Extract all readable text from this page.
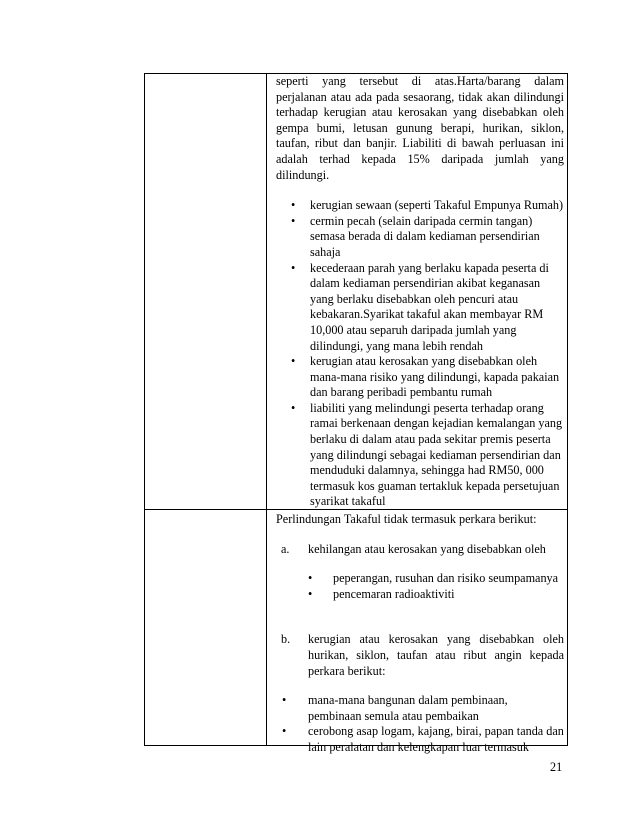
seperti yang tersebut di atas.Harta/barang dalam perjalanan atau ada pada sesaorang, tidak akan dilindungi terhadap kerugian atau kerosakan yang disebabkan oleh gempa bumi, letusan gunung berapi, hurikan, siklon, taufan, ribut dan banjir. Liabiliti di bawah perluasan ini adalah terhad kepada 15% daripada jumlah yang dilindungi.

• kerugian sewaan (seperti Takaful Empunya Rumah)
• cermin pecah (selain daripada cermin tangan) semasa berada di dalam kediaman persendirian sahaja
• kecederaan parah yang berlaku kapada peserta di dalam kediaman persendirian akibat keganasan yang berlaku disebabkan oleh pencuri atau kebakaran.Syarikat takaful akan membayar RM 10,000 atau separuh daripada jumlah yang dilindungi, yang mana lebih rendah
• kerugian atau kerosakan yang disebabkan oleh mana-mana risiko yang dilindungi, kapada pakaian dan barang peribadi pembantu rumah
• liabiliti yang melindungi peserta terhadap orang ramai berkenaan dengan kejadian kemalangan yang berlaku di dalam atau pada sekitar premis peserta yang dilindungi sebagai kediaman persendirian dan menduduki dalamnya, sehingga had RM50, 000 termasuk kos guaman tertakluk kepada persetujuan syarikat takaful

Perlindungan Takaful tidak termasuk perkara berikut:

a. kehilangan atau kerosakan yang disebabkan oleh
• peperangan, rusuhan dan risiko seumpamanya
• pencemaran radioaktiviti
b. kerugian atau kerosakan yang disebabkan oleh hurikan, siklon, taufan atau ribut angin kepada perkara berikut:
• mana-mana bangunan dalam pembinaan, pembinaan semula atau pembaikan
• cerobong asap logam, kajang, birai, papan tanda dan lain peralatan dan kelengkapan luar termasuk
21
